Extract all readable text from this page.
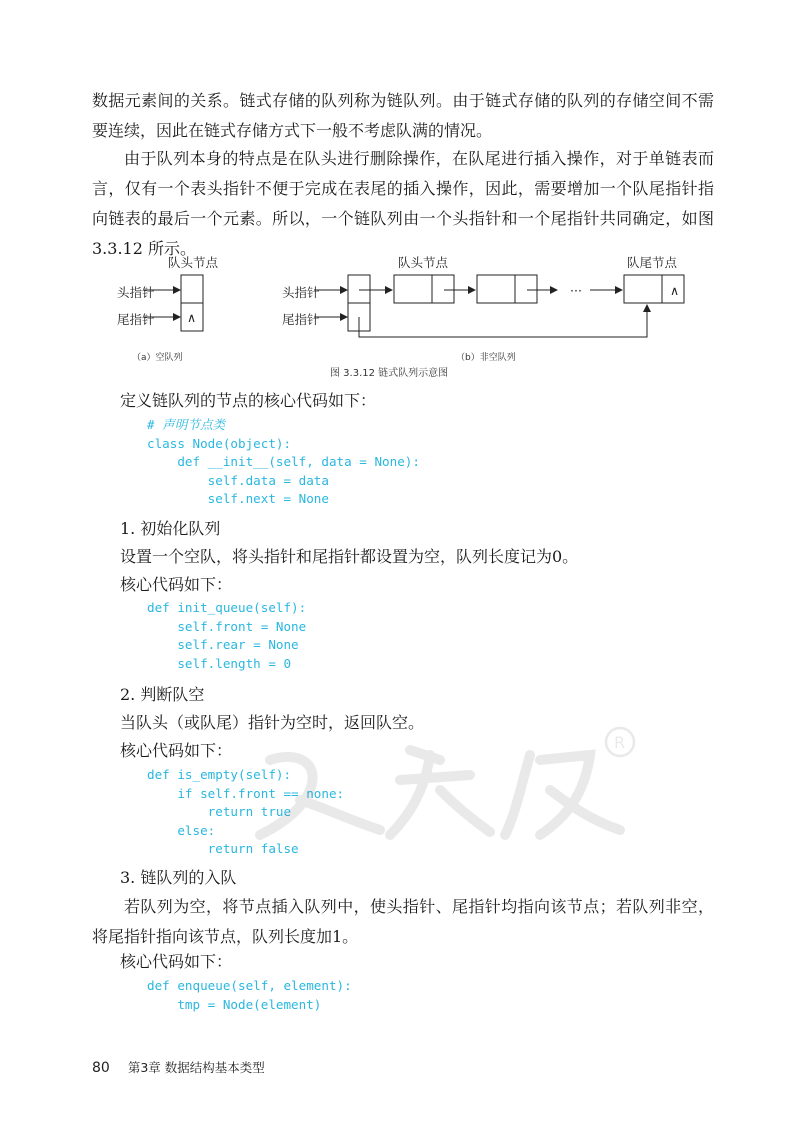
数据元素间的关系。链式存储的队列称为链队列。由于链式存储的队列的存储空间不需要连续，因此在链式存储方式下一般不考虑队满的情况。

由于队列本身的特点是在队头进行删除操作，在队尾进行插入操作，对于单链表而言，仅有一个表头指针不便于完成在表尾的插入操作，因此，需要增加一个队尾指针指向链表的最后一个元素。所以，一个链队列由一个头指针和一个尾指针共同确定，如图 3.3.12 所示。

队头节点
头指针
尾指针	∧
队头节点	队尾节点
头指针
尾指针
···	∧
（a）空队列	（b）非空队列
图 3.3.12 链式队列示意图

定义链队列的节点的核心代码如下：

# 声明节点类
class Node(object):
def __init__(self, data = None):
self.data = data
self.next = None

1. 初始化队列

设置一个空队，将头指针和尾指针都设置为空，队列长度记为0。

核心代码如下：

def init_queue(self):
self.front = None
self.rear = None
self.length = 0

2. 判断队空

当队头（或队尾）指针为空时，返回队空。

核心代码如下：

def is_empty(self):
if self.front == none:
return true
else:
return false
R

3. 链队列的入队

若队列为空，将节点插入队列中，使头指针、尾指针均指向该节点；若队列非空，将尾指针指向该节点，队列长度加1。

核心代码如下：

def enqueue(self, element):
tmp = Node(element)
80 第3章 数据结构基本类型
